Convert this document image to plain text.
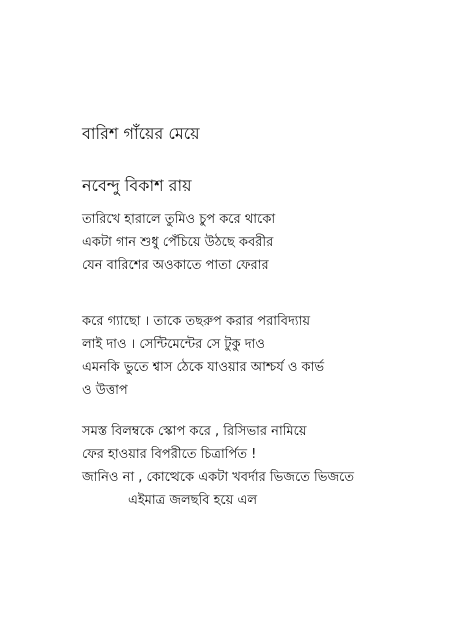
বারিশ গাঁয়ের মেয়ে
নবেন্দু বিকাশ রায়
তারিখে হারালে তুমিও চুপ করে থাকো
একটা গান শুধু পেঁচিয়ে উঠছে কবরীর
যেন বারিশের অওকাতে পাতা ফেরার
করে গ্যাছো । তাকে তছরুপ করার পরাবিদ্যায়
লাই দাও । সেন্টিমেন্টের সে টুকু দাও
এমনকি ভুতে শ্বাস ঠেকে যাওয়ার আশ্চর্য ও কার্ভ
ও উত্তাপ
সমস্ত বিলম্বকে স্কোপ করে , রিসিভার নামিয়ে
ফের হাওয়ার বিপরীতে চিত্রার্পিত !
জানিও না , কোত্থেকে একটা খবর্দার ভিজতে ভিজতে
এইমাত্র জলছবি হয়ে এল
